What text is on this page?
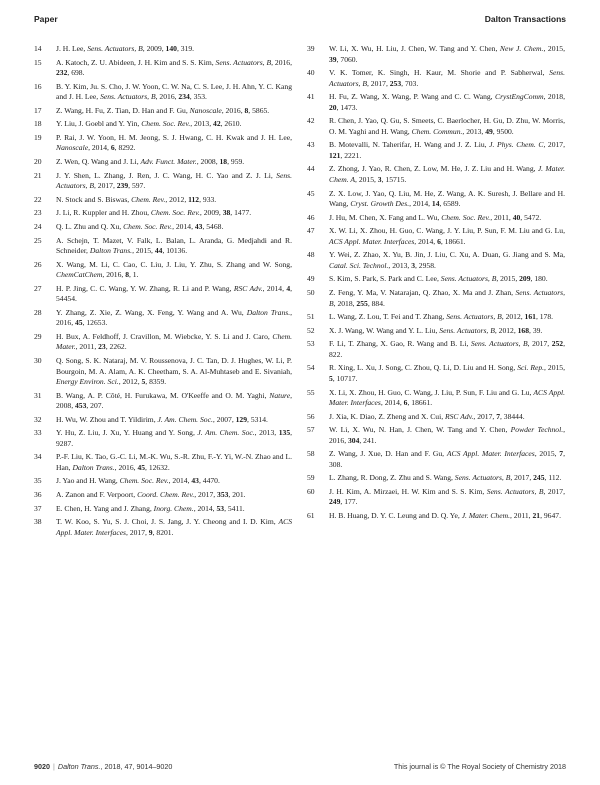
Paper	Dalton Transactions
14	J. H. Lee, Sens. Actuators, B, 2009, 140, 319.
15	A. Katoch, Z. U. Abideen, J. H. Kim and S. S. Kim, Sens. Actuators, B, 2016, 232, 698.
16	B. Y. Kim, Ju. S. Cho, J. W. Yoon, C. W. Na, C. S. Lee, J. H. Ahn, Y. C. Kang and J. H. Lee, Sens. Actuators, B, 2016, 234, 353.
17	Z. Wang, H. Fu, Z. Tian, D. Han and F. Gu, Nanoscale, 2016, 8, 5865.
18	Y. Liu, J. Goebl and Y. Yin, Chem. Soc. Rev., 2013, 42, 2610.
19	P. Rai, J. W. Yoon, H. M. Jeong, S. J. Hwang, C. H. Kwak and J. H. Lee, Nanoscale, 2014, 6, 8292.
20	Z. Wen, Q. Wang and J. Li, Adv. Funct. Mater., 2008, 18, 959.
21	J. Y. Shen, L. Zhang, J. Ren, J. C. Wang, H. C. Yao and Z. J. Li, Sens. Actuators, B, 2017, 239, 597.
22	N. Stock and S. Biswas, Chem. Rev., 2012, 112, 933.
23	J. Li, R. Kuppler and H. Zhou, Chem. Soc. Rev., 2009, 38, 1477.
24	Q. L. Zhu and Q. Xu, Chem. Soc. Rev., 2014, 43, 5468.
25	A. Schejn, T. Mazet, V. Falk, L. Balan, L. Aranda, G. Medjahdi and R. Schneider, Dalton Trans., 2015, 44, 10136.
26	X. Wang, M. Li, C. Cao, C. Liu, J. Liu, Y. Zhu, S. Zhang and W. Song, ChemCatChem, 2016, 8, 1.
27	H. P. Jing, C. C. Wang, Y. W. Zhang, R. Li and P. Wang, RSC Adv., 2014, 4, 54454.
28	Y. Zhang, Z. Xie, Z. Wang, X. Feng, Y. Wang and A. Wu, Dalton Trans., 2016, 45, 12653.
29	H. Bux, A. Feldhoff, J. Cravillon, M. Wiebcke, Y. S. Li and J. Caro, Chem. Mater., 2011, 23, 2262.
30	Q. Song, S. K. Nataraj, M. V. Roussenova, J. C. Tan, D. J. Hughes, W. Li, P. Bourgoin, M. A. Alam, A. K. Cheetham, S. A. Al-Muhtaseb and E. Sivaniah, Energy Environ. Sci., 2012, 5, 8359.
31	B. Wang, A. P. Côté, H. Furukawa, M. O'Keeffe and O. M. Yaghi, Nature, 2008, 453, 207.
32	H. Wu, W. Zhou and T. Yildirim, J. Am. Chem. Soc., 2007, 129, 5314.
33	Y. Hu, Z. Liu, J. Xu, Y. Huang and Y. Song, J. Am. Chem. Soc., 2013, 135, 9287.
34	P.-F. Liu, K. Tao, G.-C. Li, M.-K. Wu, S.-R. Zhu, F.-Y. Yi, W.-N. Zhao and L. Han, Dalton Trans., 2016, 45, 12632.
35	J. Yao and H. Wang, Chem. Soc. Rev., 2014, 43, 4470.
36	A. Zanon and F. Verpoort, Coord. Chem. Rev., 2017, 353, 201.
37	E. Chen, H. Yang and J. Zhang, Inorg. Chem., 2014, 53, 5411.
38	T. W. Koo, S. Yu, S. J. Choi, J. S. Jang, J. Y. Cheong and I. D. Kim, ACS Appl. Mater. Interfaces, 2017, 9, 8201.
39	W. Li, X. Wu, H. Liu, J. Chen, W. Tang and Y. Chen, New J. Chem., 2015, 39, 7060.
40	V. K. Tomer, K. Singh, H. Kaur, M. Shorie and P. Sabherwal, Sens. Actuators, B, 2017, 253, 703.
41	H. Fu, Z. Wang, X. Wang, P. Wang and C. C. Wang, CrystEngComm, 2018, 20, 1473.
42	R. Chen, J. Yao, Q. Gu, S. Smeets, C. Baerlocher, H. Gu, D. Zhu, W. Morris, O. M. Yaghi and H. Wang, Chem. Commun., 2013, 49, 9500.
43	B. Motevalli, N. Taherifar, H. Wang and J. Z. Liu, J. Phys. Chem. C, 2017, 121, 2221.
44	Z. Zhong, J. Yao, R. Chen, Z. Low, M. He, J. Z. Liu and H. Wang, J. Mater. Chem. A, 2015, 3, 15715.
45	Z. X. Low, J. Yao, Q. Liu, M. He, Z. Wang, A. K. Suresh, J. Bellare and H. Wang, Cryst. Growth Des., 2014, 14, 6589.
46	J. Hu, M. Chen, X. Fang and L. Wu, Chem. Soc. Rev., 2011, 40, 5472.
47	X. W. Li, X. Zhou, H. Guo, C. Wang, J. Y. Liu, P. Sun, F. M. Liu and G. Lu, ACS Appl. Mater. Interfaces, 2014, 6, 18661.
48	Y. Wei, Z. Zhao, X. Yu, B. Jin, J. Liu, C. Xu, A. Duan, G. Jiang and S. Ma, Catal. Sci. Technol., 2013, 3, 2958.
49	S. Kim, S. Park, S. Park and C. Lee, Sens. Actuators, B, 2015, 209, 180.
50	Z. Feng, Y. Ma, V. Natarajan, Q. Zhao, X. Ma and J. Zhan, Sens. Actuators, B, 2018, 255, 884.
51	L. Wang, Z. Lou, T. Fei and T. Zhang, Sens. Actuators, B, 2012, 161, 178.
52	X. J. Wang, W. Wang and Y. L. Liu, Sens. Actuators, B, 2012, 168, 39.
53	F. Li, T. Zhang, X. Gao, R. Wang and B. Li, Sens. Actuators, B, 2017, 252, 822.
54	R. Xing, L. Xu, J. Song, C. Zhou, Q. Li, D. Liu and H. Song, Sci. Rep., 2015, 5, 10717.
55	X. Li, X. Zhou, H. Guo, C. Wang, J. Liu, P. Sun, F. Liu and G. Lu, ACS Appl. Mater. Interfaces, 2014, 6, 18661.
56	J. Xia, K. Diao, Z. Zheng and X. Cui, RSC Adv., 2017, 7, 38444.
57	W. Li, X. Wu, N. Han, J. Chen, W. Tang and Y. Chen, Powder Technol., 2016, 304, 241.
58	Z. Wang, J. Xue, D. Han and F. Gu, ACS Appl. Mater. Interfaces, 2015, 7, 308.
59	L. Zhang, R. Dong, Z. Zhu and S. Wang, Sens. Actuators, B, 2017, 245, 112.
60	J. H. Kim, A. Mirzaei, H. W. Kim and S. S. Kim, Sens. Actuators, B, 2017, 249, 177.
61	H. B. Huang, D. Y. C. Leung and D. Q. Ye, J. Mater. Chem., 2011, 21, 9647.
9020 | Dalton Trans., 2018, 47, 9014–9020	This journal is © The Royal Society of Chemistry 2018
